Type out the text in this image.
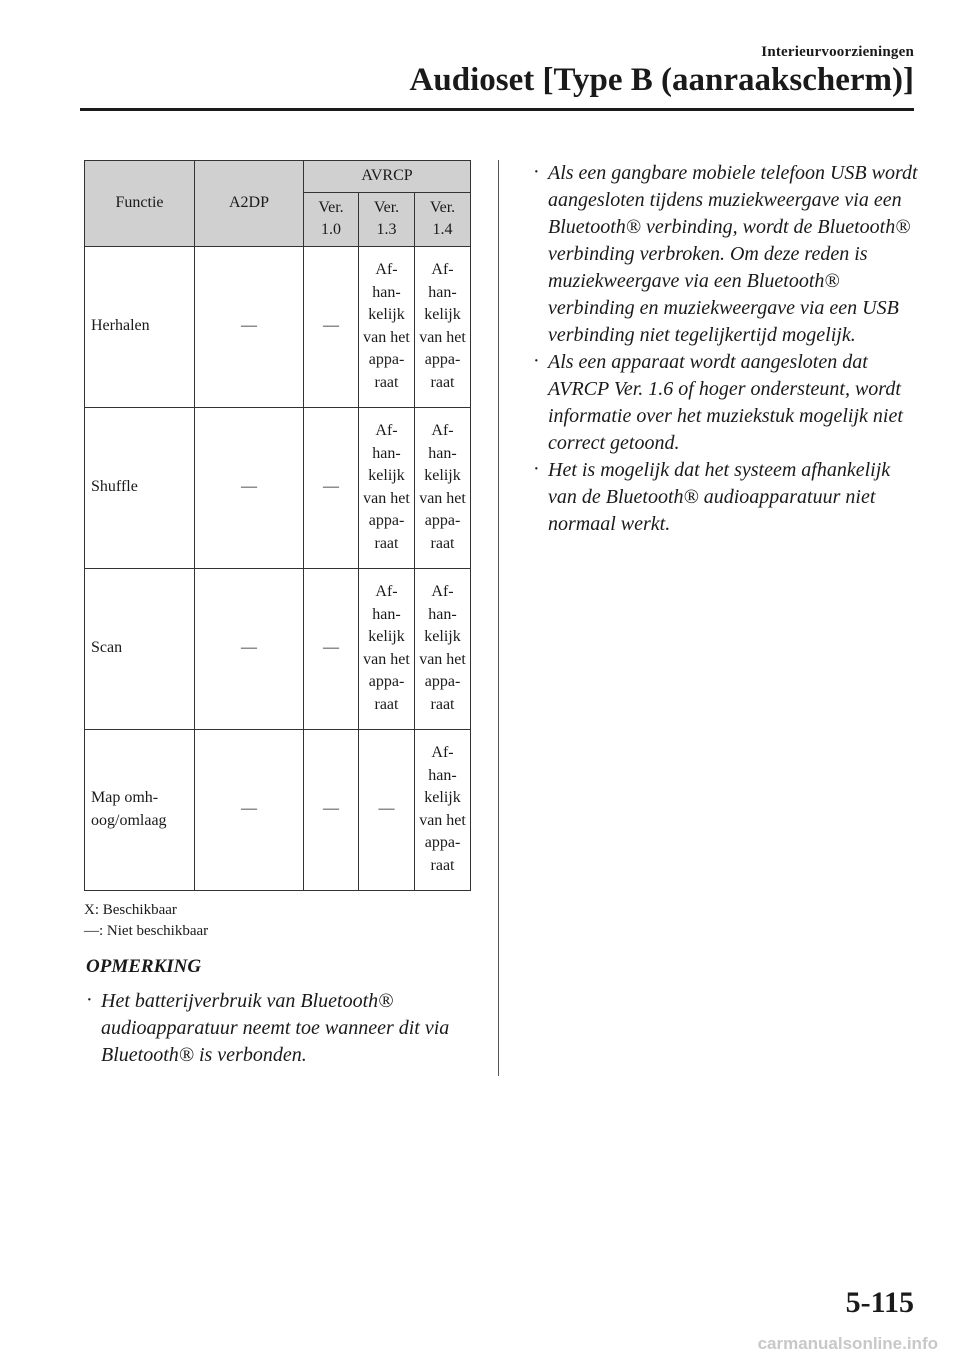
Interieurvoorzieningen
Audioset [Type B (aanraakscherm)]
Functie	A2DP	AVRCP		
		Ver. 1.0	Ver. 1.3	Ver. 1.4
Herhalen	—	—	Af-han-kelijk van het appa-raat	Af-han-kelijk van het appa-raat
Shuffle	—	—	Af-han-kelijk van het appa-raat	Af-han-kelijk van het appa-raat
Scan	—	—	Af-han-kelijk van het appa-raat	Af-han-kelijk van het appa-raat
Map omh-oog/omlaag	—	—	—	Af-han-kelijk van het appa-raat
X: Beschikbaar
—: Niet beschikbaar
OPMERKING
· Het batterijverbruik van Bluetooth® audioapparatuur neemt toe wanneer dit via Bluetooth® is verbonden.
· Als een gangbare mobiele telefoon USB wordt aangesloten tijdens muziekweergave via een Bluetooth® verbinding, wordt de Bluetooth® verbinding verbroken. Om deze reden is muziekweergave via een Bluetooth® verbinding en muziekweergave via een USB verbinding niet tegelijkertijd mogelijk.
· Als een apparaat wordt aangesloten dat AVRCP Ver. 1.6 of hoger ondersteunt, wordt informatie over het muziekstuk mogelijk niet correct getoond.
· Het is mogelijk dat het systeem afhankelijk van de Bluetooth® audioapparatuur niet normaal werkt.
5-115
carmanualsonline.info
